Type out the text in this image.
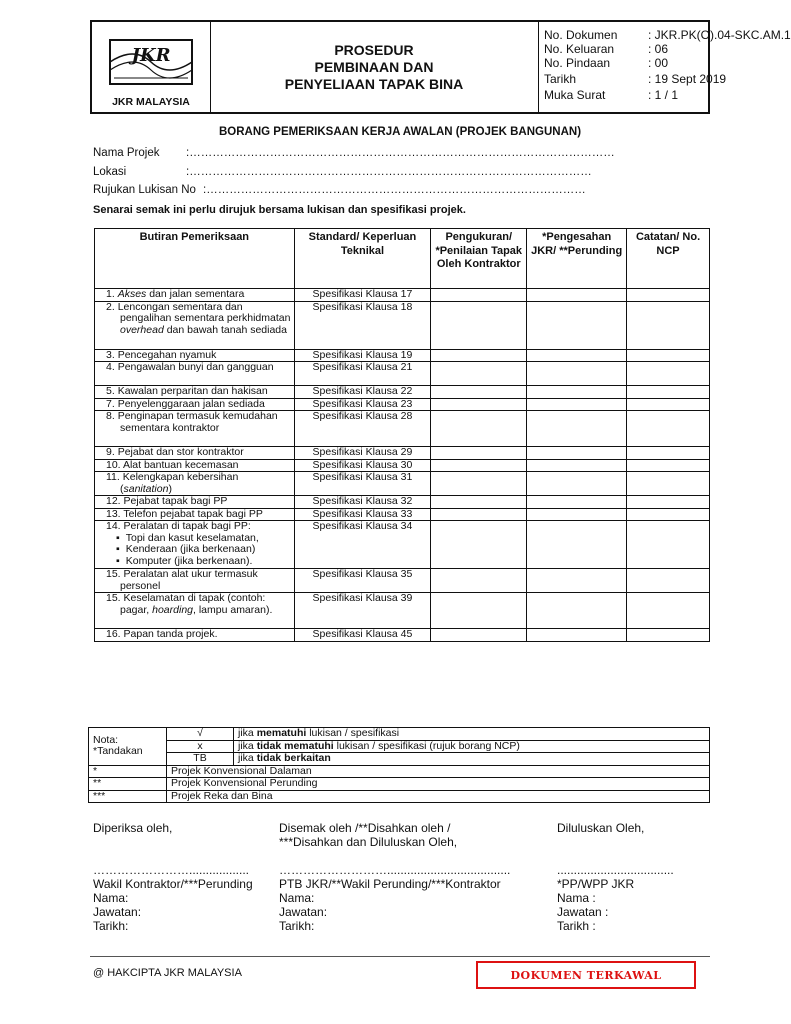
JKR
JKR MALAYSIA
PROSEDUR
PEMBINAAN DAN
PENYELIAAN TAPAK BINA
No. Dokumen	: JKR.PK(O).04-SKC.AM.1
No. Keluaran	: 06
No. Pindaan	: 00
Tarikh	: 19 Sept 2019
Muka Surat	: 1 / 1
BORANG PEMERIKSAAN KERJA AWALAN (PROJEK BANGUNAN)
Nama Projek :…………………………………………………………………………………………………
Lokasi	:……………………………………………………………………………………………
Rujukan Lukisan No :………………………………………………………………………………………
Senarai semak ini perlu dirujuk bersama lukisan dan spesifikasi projek.
Butiran Pemeriksaan	Standard/ Keperluan Teknikal	Pengukuran/ *Penilaian Tapak Oleh Kontraktor	*Pengesahan JKR/ **Perunding	Catatan/ No. NCP

1. Akses dan jalan sementara	Spesifikasi Klausa 17			

2. Lencongan sementara dan pengalihan sementara perkhidmatan overhead dan bawah tanah sediada	Spesifikasi Klausa 18			

3. Pencegahan nyamuk	Spesifikasi Klausa 19			

4. Pengawalan bunyi dan gangguan	Spesifikasi Klausa 21			

5. Kawalan perparitan dan hakisan	Spesifikasi Klausa 22			

7. Penyelenggaraan jalan sediada	Spesifikasi Klausa 23			

8. Penginapan termasuk kemudahan sementara kontraktor	Spesifikasi Klausa 28			

9. Pejabat dan stor kontraktor	Spesifikasi Klausa 29			

10. Alat bantuan kecemasan	Spesifikasi Klausa 30			

11. Kelengkapan kebersihan (sanitation)	Spesifikasi Klausa 31			

12. Pejabat tapak bagi PP	Spesifikasi Klausa 32			

13. Telefon pejabat tapak bagi PP	Spesifikasi Klausa 33			

14. Peralatan di tapak bagi PP:
▪ Topi dan kasut keselamatan,
▪ Kenderaan (jika berkenaan)
▪ Komputer (jika berkenaan).	Spesifikasi Klausa 34			

15. Peralatan alat ukur termasuk personel	Spesifikasi Klausa 35			

15. Keselamatan di tapak (contoh: pagar, hoarding, lampu amaran).	Spesifikasi Klausa 39			

16. Papan tanda projek.	Spesifikasi Klausa 45			
Nota:
*Tandakan	√	jika mematuhi lukisan / spesifikasi
	x	jika tidak mematuhi lukisan / spesifikasi (rujuk borang NCP)
	TB	jika tidak berkaitan
*	Projek Konvensional Dalaman	
**	Projek Konvensional Perunding	
***	Projek Reka dan Bina	
Diperiksa oleh,
……………………..................
Wakil Kontraktor/***Perunding
Nama:
Jawatan:
Tarikh:
Disemak oleh /**Disahkan oleh /
***Disahkan dan Diluluskan Oleh,
……………………….....................................
PTB JKR/**Wakil Perunding/***Kontraktor
Nama:
Jawatan:
Tarikh:
Diluluskan Oleh,
...................................
*PP/WPP JKR
Nama :
Jawatan :
Tarikh :
@ HAKCIPTA JKR MALAYSIA	DOKUMEN TERKAWAL
